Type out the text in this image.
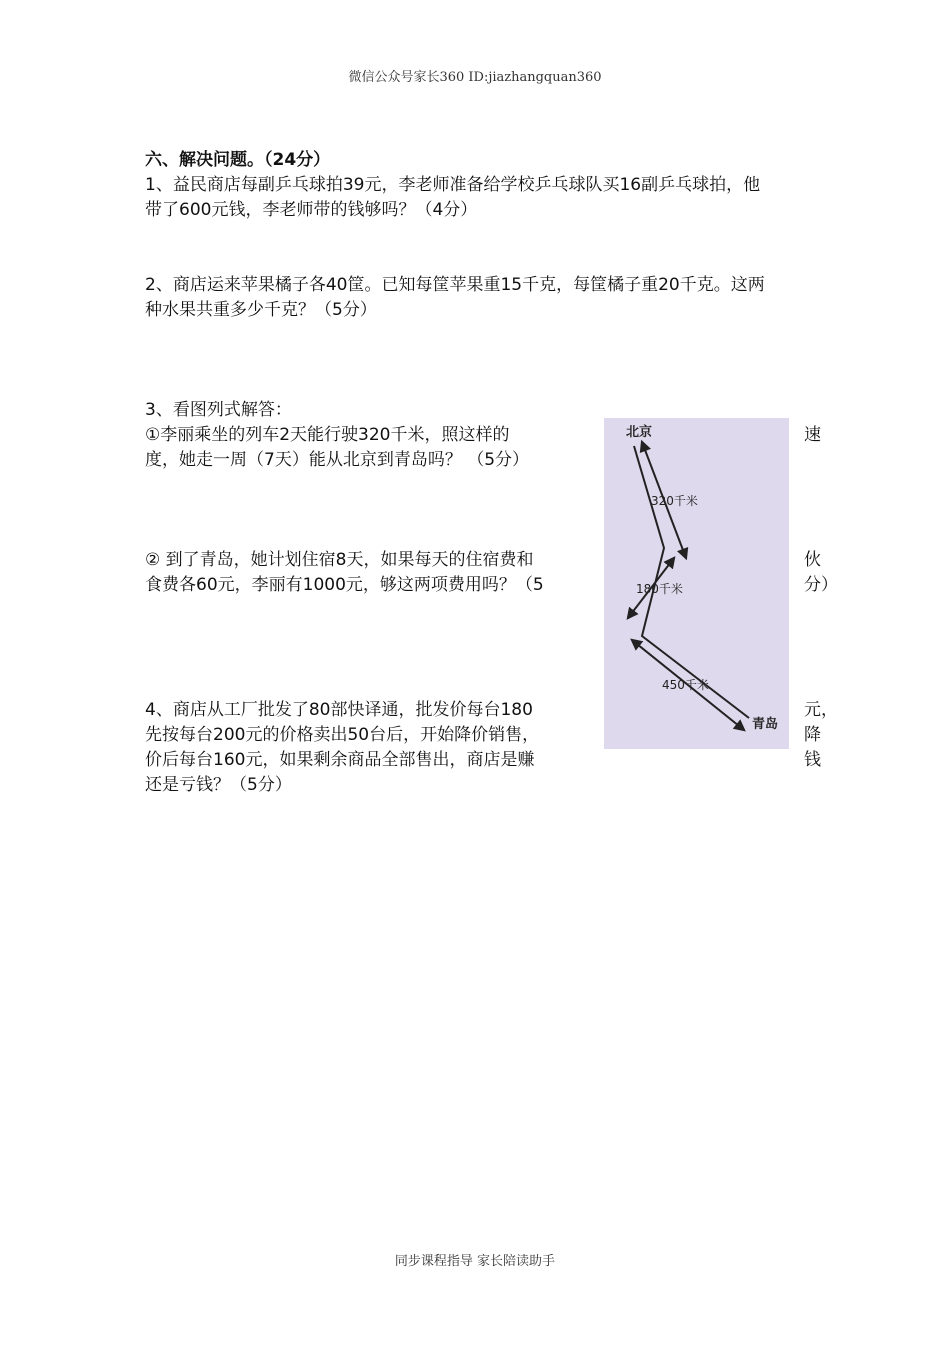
微信公众号家长360 ID:jiazhangquan360
六、解决问题。（24分）
1、益民商店每副乒乓球拍39元，李老师准备给学校乒乓球队买16副乒乓球拍，他
带了600元钱，李老师带的钱够吗？（4分）
2、商店运来苹果橘子各40筐。已知每筐苹果重15千克，每筐橘子重20千克。这两
种水果共重多少千克？（5分）
3、看图列式解答：
①李丽乘坐的列车2天能行驶320千米，照这样的	速
度，她走一周（7天）能从北京到青岛吗？ （5分）
② 到了青岛，她计划住宿8天，如果每天的住宿费和	伙
食费各60元，李丽有1000元，够这两项费用吗？（5	分）
4、商店从工厂批发了80部快译通，批发价每台180	元，
先按每台200元的价格卖出50台后，开始降价销售，	降
价后每台160元，如果剩余商品全部售出，商店是赚	钱
还是亏钱？（5分）
北京
青岛
320千米
180千米
450千米
同步课程指导 家长陪读助手
